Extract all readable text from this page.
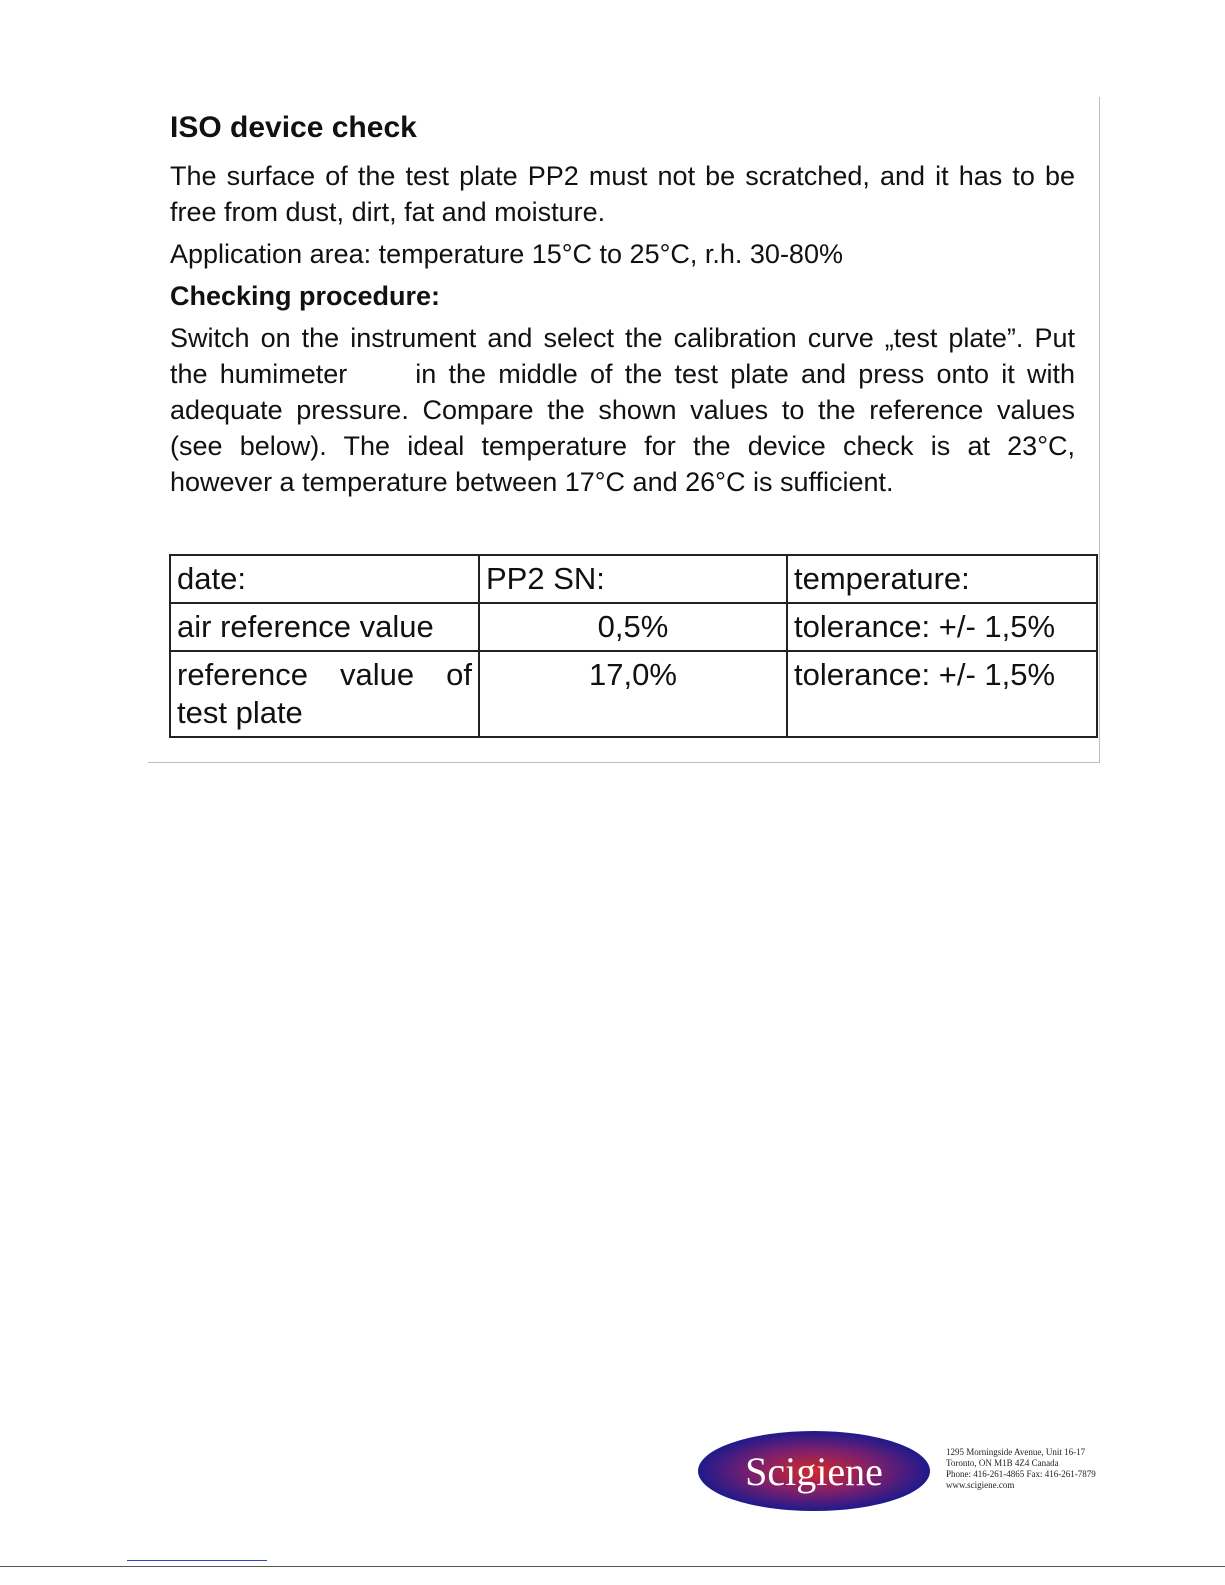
ISO device check

The surface of the test plate PP2 must not be scratched, and it has to be free from dust, dirt, fat and moisture.

Application area: temperature 15°C to 25°C, r.h. 30-80%

Checking procedure:

Switch on the instrument and select the calibration curve „test plate”. Put the humimeter	in the middle of the test plate and press onto it with adequate pressure. Compare the shown values to the reference values (see below). The ideal temperature for the device check is at 23°C, however a temperature between 17°C and 26°C is sufficient.

date:	PP2 SN:	temperature:
air reference value	0,5%	tolerance: +/- 1,5%
reference value of test plate	17,0%	tolerance: +/- 1,5%
Scigiene	1295 Morningside Avenue, Unit 16-17
Toronto, ON M1B 4Z4 Canada
Phone: 416-261-4865 Fax: 416-261-7879
www.scigiene.com
